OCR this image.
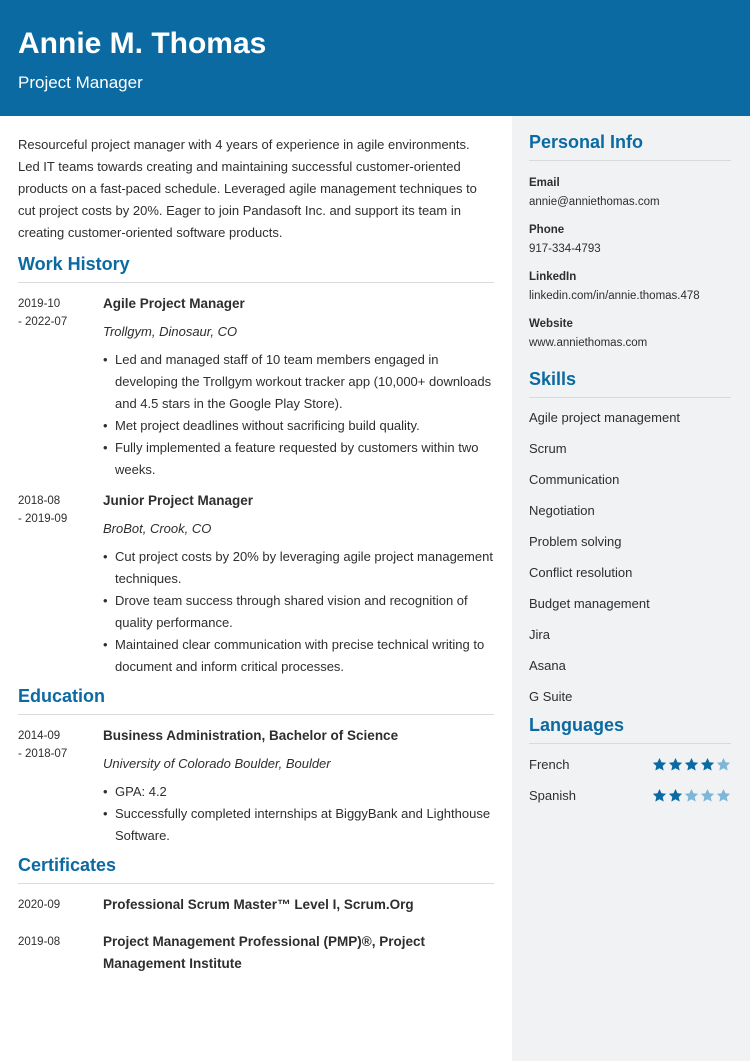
Annie M. Thomas
Project Manager

Resourceful project manager with 4 years of experience in agile environments. Led IT teams towards creating and maintaining successful customer-oriented products on a fast-paced schedule. Leveraged agile management techniques to cut project costs by 20%. Eager to join Pandasoft Inc. and support its team in creating customer-oriented software products.

Work History
2019-10
- 2022-07
Agile Project Manager
Trollgym, Dinosaur, CO
• Led and managed staff of 10 team members engaged in developing the Trollgym workout tracker app (10,000+ downloads and 4.5 stars in the Google Play Store).
• Met project deadlines without sacrificing build quality.
• Fully implemented a feature requested by customers within two weeks.
2018-08
- 2019-09
Junior Project Manager
BroBot, Crook, CO
• Cut project costs by 20% by leveraging agile project management techniques.
• Drove team success through shared vision and recognition of quality performance.
• Maintained clear communication with precise technical writing to document and inform critical processes.
Education
2014-09
- 2018-07
Business Administration, Bachelor of Science
University of Colorado Boulder, Boulder
• GPA: 4.2
• Successfully completed internships at BiggyBank and Lighthouse Software.
Certificates
2020-09	Professional Scrum Master™ Level I, Scrum.Org
2019-08	Project Management Professional (PMP)®, Project Management Institute
Personal Info
Email
annie@anniethomas.com
Phone
917-334-4793
LinkedIn
linkedin.com/in/annie.thomas.478
Website
www.anniethomas.com
Skills
Agile project management
Scrum
Communication
Negotiation
Problem solving
Conflict resolution
Budget management
Jira
Asana
G Suite
Languages
French
Spanish
